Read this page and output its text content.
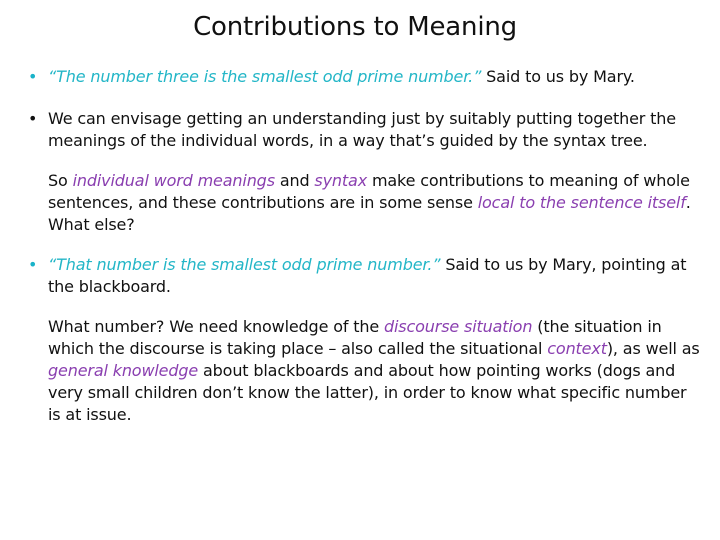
Contributions to Meaning
• “The number three is the smallest odd prime number.” Said to us by Mary.

• We can envisage getting an understanding just by suitably putting together the meanings of the individual words, in a way that’s guided by the syntax tree.

So individual word meanings and syntax make contributions to meaning of whole sentences, and these contributions are in some sense local to the sentence itself. What else?

• “That number is the smallest odd prime number.” Said to us by Mary, pointing at the blackboard.

What number? We need knowledge of the discourse situation (the situation in which the discourse is taking place – also called the situational context), as well as general knowledge about blackboards and about how pointing works (dogs and very small children don’t know the latter), in order to know what specific number is at issue.
